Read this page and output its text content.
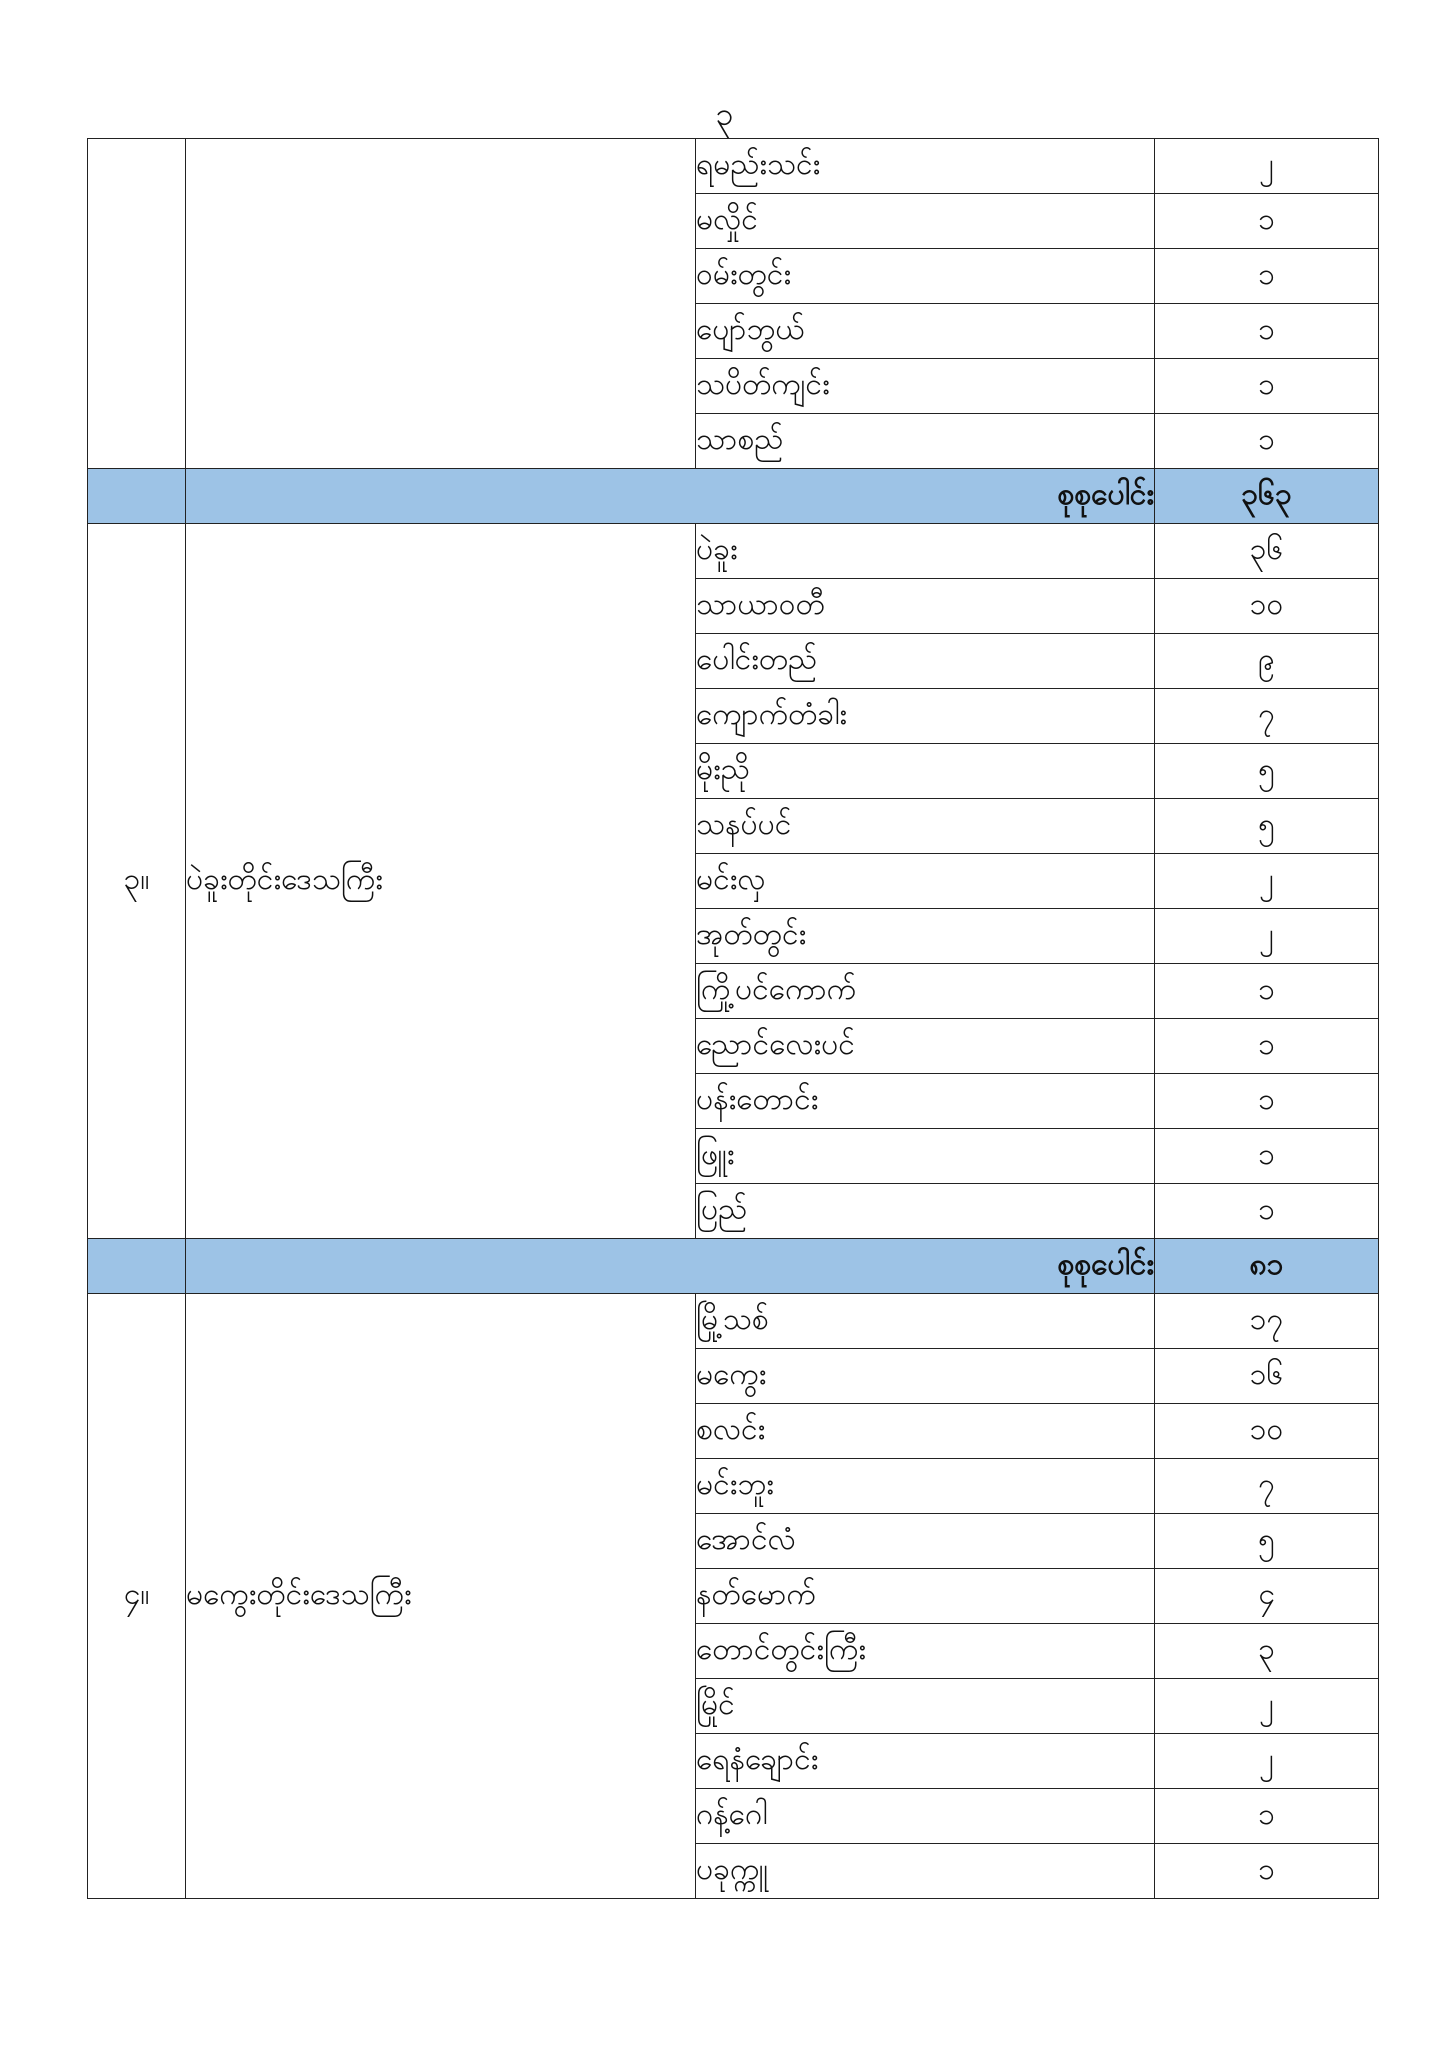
၃
		ရမည်းသင်း	၂
		မလှိုင်	၁
		ဝမ်းတွင်း	၁
		ပျော်ဘွယ်	၁
		သပိတ်ကျင်း	၁
		သာစည်	၁
	စုစုပေါင်း		၃၆၃
၃။	ပဲခူးတိုင်းဒေသကြီး	ပဲခူး	၃၆
		သာယာဝတီ	၁၀
		ပေါင်းတည်	၉
		ကျောက်တံခါး	၇
		မိုးညို	၅
		သနပ်ပင်	၅
		မင်းလှ	၂
		အုတ်တွင်း	၂
		ကြို့ပင်ကောက်	၁
		ညောင်လေးပင်	၁
		ပန်းတောင်း	၁
		ဖြူး	၁
		ပြည်	၁
	စုစုပေါင်း		၈၁
၄။	မကွေးတိုင်းဒေသကြီး	မြို့သစ်	၁၇
		မကွေး	၁၆
		စလင်း	၁၀
		မင်းဘူး	၇
		အောင်လံ	၅
		နတ်မောက်	၄
		တောင်တွင်းကြီး	၃
		မြိုင်	၂
		ရေနံချောင်း	၂
		ဂန့်ဂေါ	၁
		ပခုက္ကူ	၁
